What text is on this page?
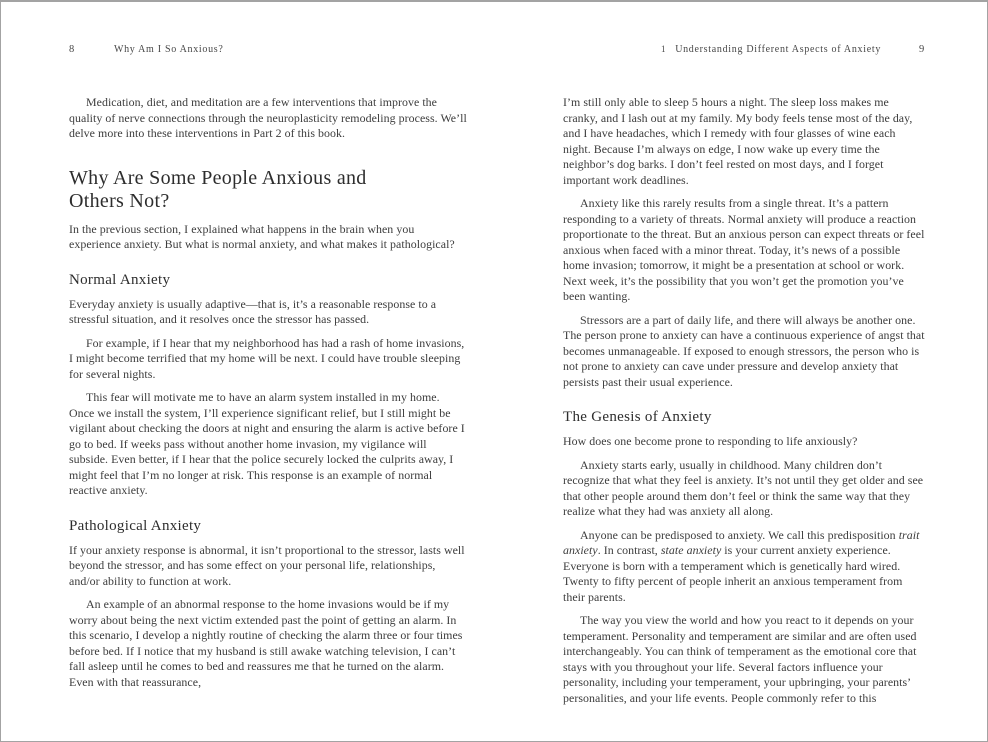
8	Why Am I So Anxious?

Medication, diet, and meditation are a few interventions that improve the quality of nerve connections through the neuroplasticity remodeling process. We’ll delve more into these interventions in Part 2 of this book.

Why Are Some People Anxious and
Others Not?

In the previous section, I explained what happens in the brain when you experience anxiety. But what is normal anxiety, and what makes it pathological?

Normal Anxiety

Everyday anxiety is usually adaptive—that is, it’s a reasonable response to a stressful situation, and it resolves once the stressor has passed.

For example, if I hear that my neighborhood has had a rash of home invasions, I might become terrified that my home will be next. I could have trouble sleeping for several nights.

This fear will motivate me to have an alarm system installed in my home. Once we install the system, I’ll experience significant relief, but I still might be vigilant about checking the doors at night and ensuring the alarm is active before I go to bed. If weeks pass without another home invasion, my vigilance will subside. Even better, if I hear that the police securely locked the culprits away, I might feel that I’m no longer at risk. This response is an example of normal reactive anxiety.

Pathological Anxiety

If your anxiety response is abnormal, it isn’t proportional to the stressor, lasts well beyond the stressor, and has some effect on your personal life, relationships, and/or ability to function at work.

An example of an abnormal response to the home invasions would be if my worry about being the next victim extended past the point of getting an alarm. In this scenario, I develop a nightly routine of checking the alarm three or four times before bed. If I notice that my husband is still awake watching television, I can’t fall asleep until he comes to bed and reassures me that he turned on the alarm. Even with that reassurance,

1 Understanding Different Aspects of Anxiety	9

I’m still only able to sleep 5 hours a night. The sleep loss makes me cranky, and I lash out at my family. My body feels tense most of the day, and I have headaches, which I remedy with four glasses of wine each night. Because I’m always on edge, I now wake up every time the neighbor’s dog barks. I don’t feel rested on most days, and I forget important work deadlines.

Anxiety like this rarely results from a single threat. It’s a pattern responding to a variety of threats. Normal anxiety will produce a reaction proportionate to the threat. But an anxious person can expect threats or feel anxious when faced with a minor threat. Today, it’s news of a possible home invasion; tomorrow, it might be a presentation at school or work. Next week, it’s the possibility that you won’t get the promotion you’ve been wanting.

Stressors are a part of daily life, and there will always be another one. The person prone to anxiety can have a continuous experience of angst that becomes unmanageable. If exposed to enough stressors, the person who is not prone to anxiety can cave under pressure and develop anxiety that persists past their usual experience.

The Genesis of Anxiety

How does one become prone to responding to life anxiously?

Anxiety starts early, usually in childhood. Many children don’t recognize that what they feel is anxiety. It’s not until they get older and see that other people around them don’t feel or think the same way that they realize what they had was anxiety all along.

Anyone can be predisposed to anxiety. We call this predisposition trait anxiety. In contrast, state anxiety is your current anxiety experience. Everyone is born with a temperament which is genetically hard wired. Twenty to fifty percent of people inherit an anxious temperament from their parents.

The way you view the world and how you react to it depends on your temperament. Personality and temperament are similar and are often used interchangeably. You can think of temperament as the emotional core that stays with you throughout your life. Several factors influence your personality, including your temperament, your upbringing, your parents’ personalities, and your life events. People commonly refer to this
